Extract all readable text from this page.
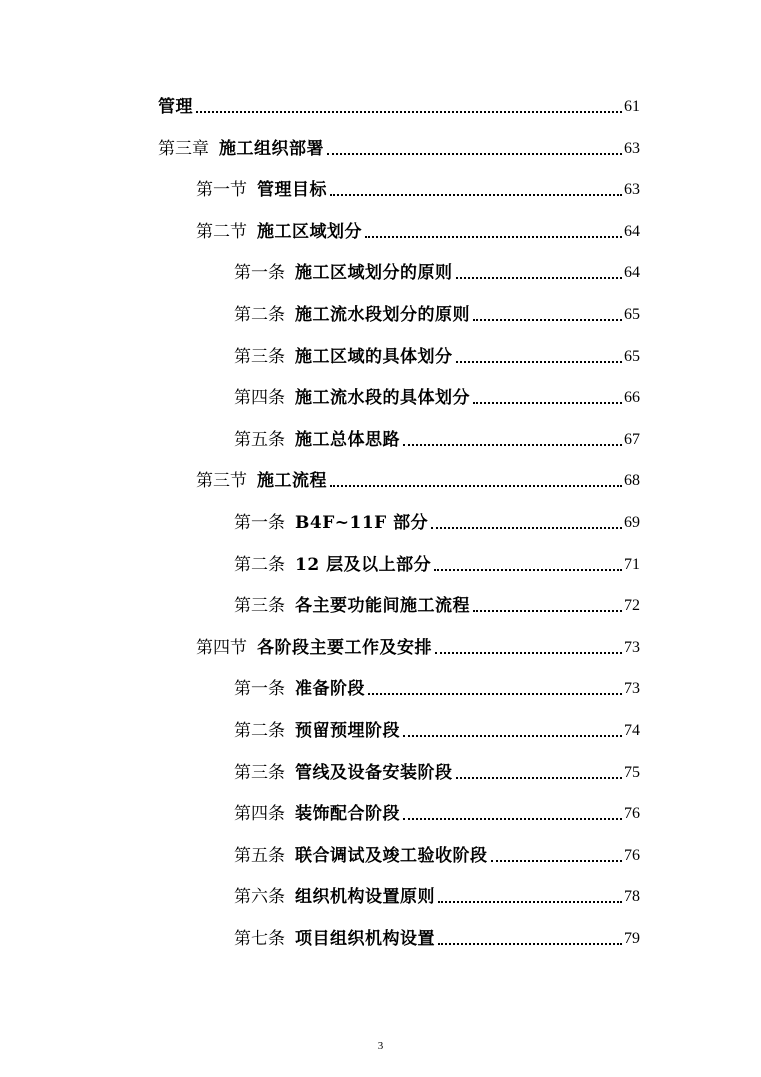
管理	61
第三章 施工组织部署	63
第一节 管理目标	63
第二节 施工区域划分	64
第一条 施工区域划分的原则	64
第二条 施工流水段划分的原则	65
第三条 施工区域的具体划分	65
第四条 施工流水段的具体划分	66
第五条 施工总体思路	67
第三节 施工流程	68
第一条 B4F~11F 部分	69
第二条 12 层及以上部分	71
第三条 各主要功能间施工流程	72
第四节 各阶段主要工作及安排	73
第一条 准备阶段	73
第二条 预留预埋阶段	74
第三条 管线及设备安装阶段	75
第四条 装饰配合阶段	76
第五条 联合调试及竣工验收阶段	76
第六条 组织机构设置原则	78
第七条 项目组织机构设置	79
3
